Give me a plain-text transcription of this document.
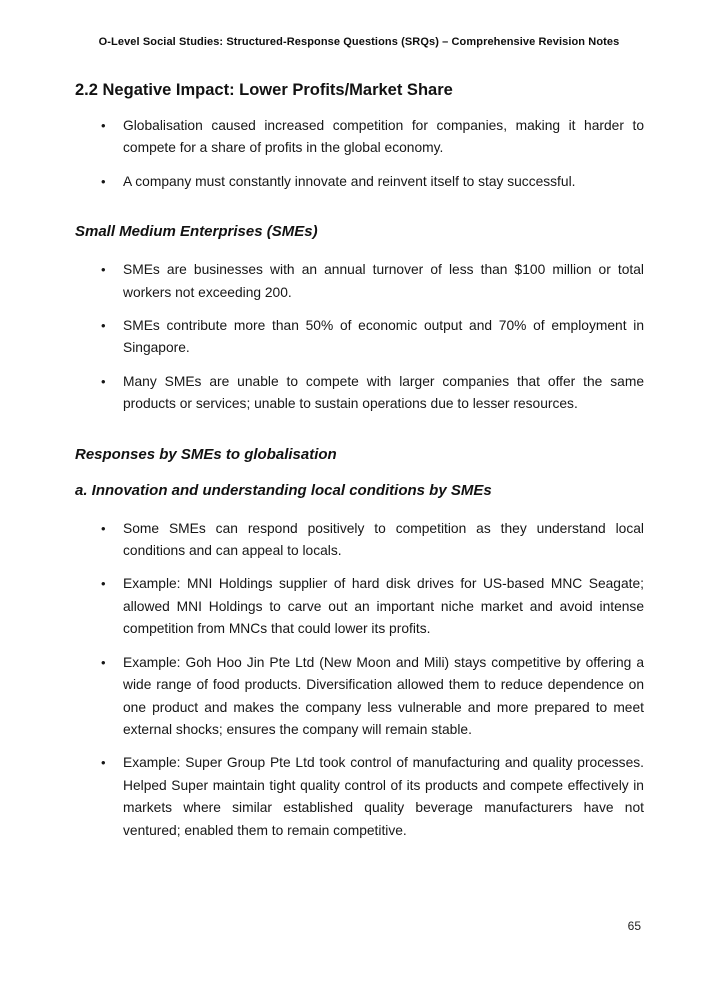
O-Level Social Studies: Structured-Response Questions (SRQs) – Comprehensive Revision Notes
2.2 Negative Impact: Lower Profits/Market Share
• Globalisation caused increased competition for companies, making it harder to compete for a share of profits in the global economy.
• A company must constantly innovate and reinvent itself to stay successful.
Small Medium Enterprises (SMEs)
• SMEs are businesses with an annual turnover of less than $100 million or total workers not exceeding 200.
• SMEs contribute more than 50% of economic output and 70% of employment in Singapore.
• Many SMEs are unable to compete with larger companies that offer the same products or services; unable to sustain operations due to lesser resources.
Responses by SMEs to globalisation
a. Innovation and understanding local conditions by SMEs
• Some SMEs can respond positively to competition as they understand local conditions and can appeal to locals.
• Example: MNI Holdings supplier of hard disk drives for US-based MNC Seagate; allowed MNI Holdings to carve out an important niche market and avoid intense competition from MNCs that could lower its profits.
• Example: Goh Hoo Jin Pte Ltd (New Moon and Mili) stays competitive by offering a wide range of food products. Diversification allowed them to reduce dependence on one product and makes the company less vulnerable and more prepared to meet external shocks; ensures the company will remain stable.
• Example: Super Group Pte Ltd took control of manufacturing and quality processes. Helped Super maintain tight quality control of its products and compete effectively in markets where similar established quality beverage manufacturers have not ventured; enabled them to remain competitive.
65
